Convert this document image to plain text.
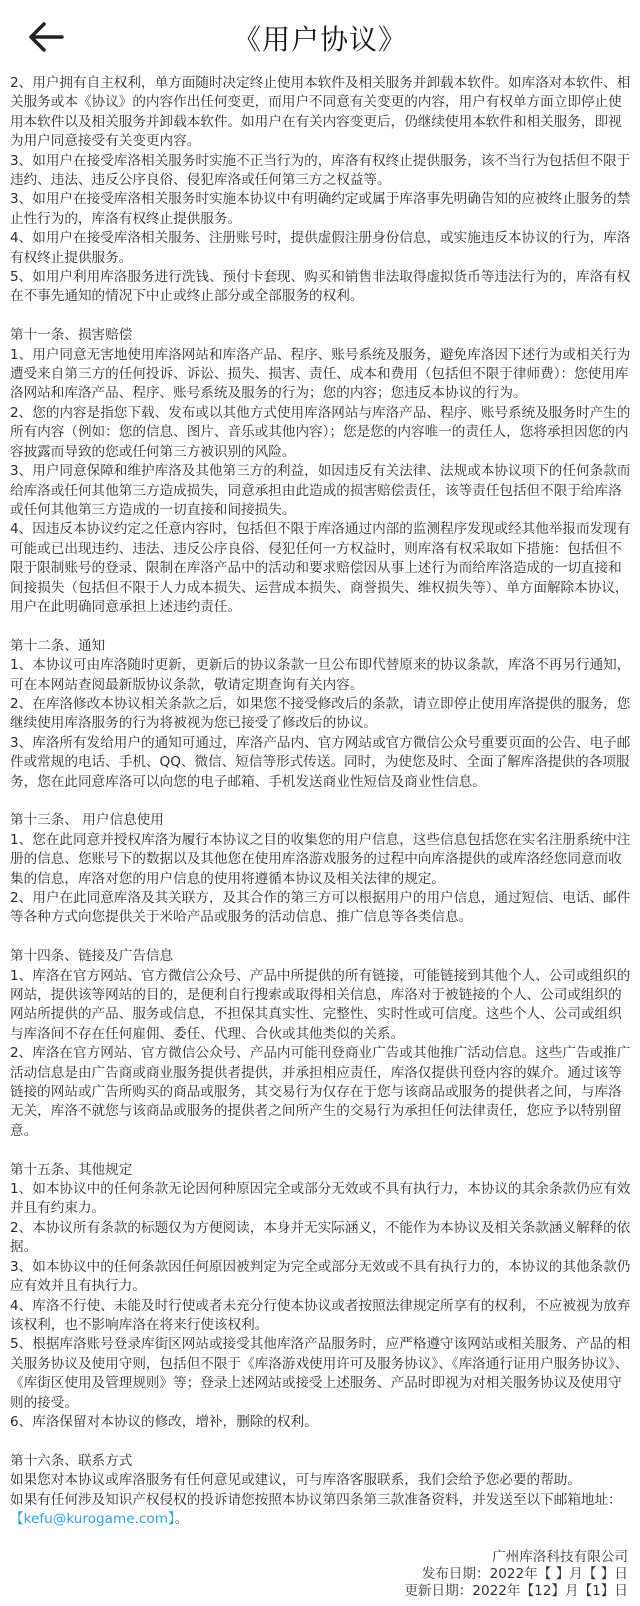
《用户协议》

2、用户拥有自主权利，单方面随时决定终止使用本软件及相关服务并卸载本软件。如库洛对本软件、相关服务或本《协议》的内容作出任何变更，而用户不同意有关变更的内容，用户有权单方面立即停止使用本软件以及相关服务并卸载本软件。如用户在有关内容变更后，仍继续使用本软件和相关服务，即视为用户同意接受有关变更内容。

3、如用户在接受库洛相关服务时实施不正当行为的，库洛有权终止提供服务，该不当行为包括但不限于违约、违法、违反公序良俗、侵犯库洛或任何第三方之权益等。

3、如用户在接受库洛相关服务时实施本协议中有明确约定或属于库洛事先明确告知的应被终止服务的禁止性行为的，库洛有权终止提供服务。

4、如用户在接受库洛相关服务、注册账号时，提供虚假注册身份信息，或实施违反本协议的行为，库洛有权终止提供服务。

5、如用户利用库洛服务进行洗钱、预付卡套现、购买和销售非法取得虚拟货币等违法行为的，库洛有权在不事先通知的情况下中止或终止部分或全部服务的权利。

第十一条、损害赔偿

1、用户同意无害地使用库洛网站和库洛产品、程序、账号系统及服务，避免库洛因下述行为或相关行为遭受来自第三方的任何投诉、诉讼、损失、损害、责任、成本和费用（包括但不限于律师费）：您使用库洛网站和库洛产品、程序、账号系统及服务的行为；您的内容；您违反本协议的行为。

2、您的内容是指您下载、发布或以其他方式使用库洛网站与库洛产品、程序、账号系统及服务时产生的所有内容（例如：您的信息、图片、音乐或其他内容）；您是您的内容唯一的责任人，您将承担因您的内容披露而导致的您或任何第三方被识别的风险。

3、用户同意保障和维护库洛及其他第三方的利益，如因违反有关法律、法规或本协议项下的任何条款而给库洛或任何其他第三方造成损失，同意承担由此造成的损害赔偿责任，该等责任包括但不限于给库洛或任何其他第三方造成的一切直接和间接损失。

4、因违反本协议约定之任意内容时，包括但不限于库洛通过内部的监测程序发现或经其他举报而发现有可能或已出现违约、违法、违反公序良俗、侵犯任何一方权益时，则库洛有权采取如下措施：包括但不限于限制账号的登录、限制在库洛产品中的活动和要求赔偿因从事上述行为而给库洛造成的一切直接和间接损失（包括但不限于人力成本损失、运营成本损失、商誉损失、维权损失等）、单方面解除本协议，用户在此明确同意承担上述违约责任。

第十二条、通知

1、本协议可由库洛随时更新，更新后的协议条款一旦公布即代替原来的协议条款，库洛不再另行通知，可在本网站查阅最新版协议条款，敬请定期查询有关内容。

2、在库洛修改本协议相关条款之后，如果您不接受修改后的条款，请立即停止使用库洛提供的服务，您继续使用库洛服务的行为将被视为您已接受了修改后的协议。

3、库洛所有发给用户的通知可通过，库洛产品内、官方网站或官方微信公众号重要页面的公告、电子邮件或常规的电话、手机、QQ、微信、短信等形式传送。同时，为使您及时、全面了解库洛提供的各项服务，您在此同意库洛可以向您的电子邮箱、手机发送商业性短信及商业性信息。

第十三条、 用户信息使用

1、您在此同意并授权库洛为履行本协议之目的收集您的用户信息，这些信息包括您在实名注册系统中注册的信息、您账号下的数据以及其他您在使用库洛游戏服务的过程中向库洛提供的或库洛经您同意而收集的信息，库洛对您的用户信息的使用将遵循本协议及相关法律的规定。

2、用户在此同意库洛及其关联方，及其合作的第三方可以根据用户的用户信息，通过短信、电话、邮件等各种方式向您提供关于米哈产品或服务的活动信息、推广信息等各类信息。

第十四条、链接及广告信息

1、库洛在官方网站、官方微信公众号、产品中所提供的所有链接，可能链接到其他个人、公司或组织的网站，提供该等网站的目的，是便利自行搜索或取得相关信息，库洛对于被链接的个人、公司或组织的网站所提供的产品、服务或信息，不担保其真实性、完整性、实时性或可信度。这些个人、公司或组织与库洛间不存在任何雇佣、委任、代理、合伙或其他类似的关系。

2、库洛在官方网站、官方微信公众号、产品内可能刊登商业广告或其他推广活动信息。这些广告或推广活动信息是由广告商或商业服务提供者提供，并承担相应责任，库洛仅提供刊登内容的媒介。通过该等链接的网站或广告所购买的商品或服务，其交易行为仅存在于您与该商品或服务的提供者之间，与库洛无关，库洛不就您与该商品或服务的提供者之间所产生的交易行为承担任何法律责任，您应予以特别留意。

第十五条、其他规定

1、如本协议中的任何条款无论因何种原因完全或部分无效或不具有执行力，本协议的其余条款仍应有效并且有约束力。

2、本协议所有条款的标题仅为方便阅读，本身并无实际涵义，不能作为本协议及相关条款涵义解释的依据。

3、如本协议中的任何条款因任何原因被判定为完全或部分无效或不具有执行力的，本协议的其他条款仍应有效并且有执行力。

4、库洛不行使、未能及时行使或者未充分行使本协议或者按照法律规定所享有的权利，不应被视为放弃该权利，也不影响库洛在将来行使该权利。

5、根据库洛账号登录库街区网站或接受其他库洛产品服务时，应严格遵守该网站或相关服务、产品的相关服务协议及使用守则，包括但不限于《库洛游戏使用许可及服务协议》、《库洛通行证用户服务协议》、《库街区使用及管理规则》等；登录上述网站或接受上述服务、产品时即视为对相关服务协议及使用守则的接受。

6、库洛保留对本协议的修改，增补，删除的权利。

第十六条、联系方式

如果您对本协议或库洛服务有任何意见或建议，可与库洛客服联系，我们会给予您必要的帮助。

如果有任何涉及知识产权侵权的投诉请您按照本协议第四条第三款准备资料，并发送至以下邮箱地址：

【kefu@kurogame.com】。

广州库洛科技有限公司
发布日期：2022年【 】月【 】日
更新日期：2022年【12】月【1】日
